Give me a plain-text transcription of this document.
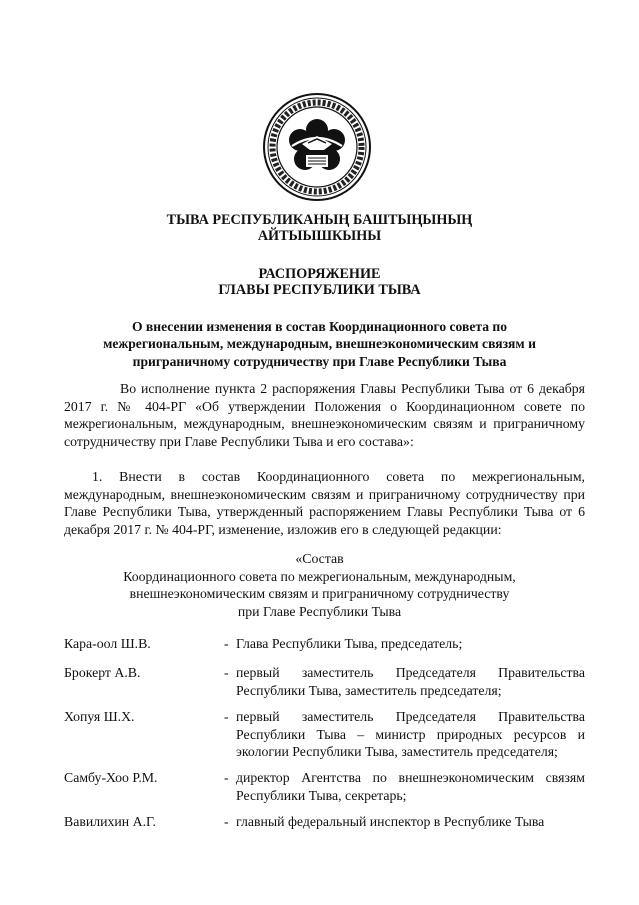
ТЫВА РЕСПУБЛИКАНЫҢ БАШТЫҢЫНЫҢ
АЙТЫЫШКЫНЫ
РАСПОРЯЖЕНИЕ
ГЛАВЫ РЕСПУБЛИКИ ТЫВА
О внесении изменения в состав Координационного совета по
межрегиональным, международным, внешнеэкономическим связям и
приграничному сотрудничеству при Главе Республики Тыва
Во исполнение пункта 2 распоряжения Главы Республики Тыва от 6 декабря 2017 г. № 404-РГ «Об утверждении Положения о Координационном совете по межрегиональным, международным, внешнеэкономическим связям и приграничному сотрудничеству при Главе Республики Тыва и его состава»:
1. Внести в состав Координационного совета по межрегиональным, международным, внешнеэкономическим связям и приграничному сотрудничеству при Главе Республики Тыва, утвержденный распоряжением Главы Республики Тыва от 6 декабря 2017 г. № 404-РГ, изменение, изложив его в следующей редакции:
«Состав
Координационного совета по межрегиональным, международным,
внешнеэкономическим связям и приграничному сотрудничеству
при Главе Республики Тыва
Кара-оол Ш.В.	- Глава Республики Тыва, председатель;
Брокерт А.В.	- первый заместитель Председателя Правительства Республики Тыва, заместитель председателя;
Хопуя Ш.Х.	- первый заместитель Председателя Правительства Республики Тыва – министр природных ресурсов и экологии Республики Тыва, заместитель председателя;
Самбу-Хоо Р.М.	- директор Агентства по внешнеэкономическим связям Республики Тыва, секретарь;
Вавилихин А.Г.	- главный федеральный инспектор в Республике Тыва
